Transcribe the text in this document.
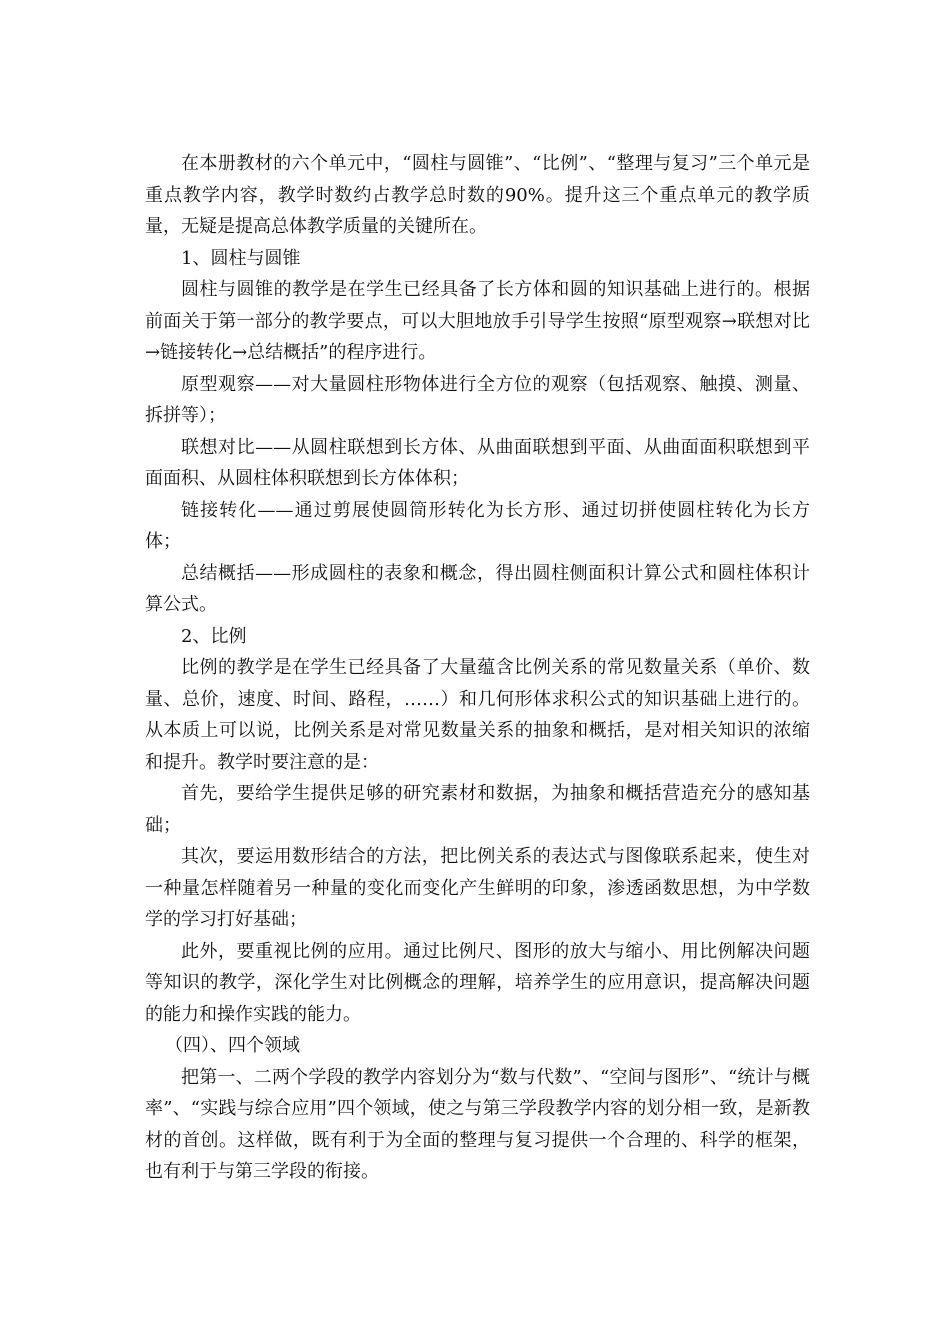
在本册教材的六个单元中，“圆柱与圆锥”、“比例”、“整理与复习”三个单元是重点教学内容，教学时数约占教学总时数的90%。提升这三个重点单元的教学质量，无疑是提高总体教学质量的关键所在。

1、圆柱与圆锥

圆柱与圆锥的教学是在学生已经具备了长方体和圆的知识基础上进行的。根据前面关于第一部分的教学要点，可以大胆地放手引导学生按照“原型观察→联想对比→链接转化→总结概括”的程序进行。

原型观察——对大量圆柱形物体进行全方位的观察（包括观察、触摸、测量、拆拼等）；

联想对比——从圆柱联想到长方体、从曲面联想到平面、从曲面面积联想到平面面积、从圆柱体积联想到长方体体积；

链接转化——通过剪展使圆筒形转化为长方形、通过切拼使圆柱转化为长方体；

总结概括——形成圆柱的表象和概念，得出圆柱侧面积计算公式和圆柱体积计算公式。

2、比例

比例的教学是在学生已经具备了大量蕴含比例关系的常见数量关系（单价、数量、总价，速度、时间、路程，……）和几何形体求积公式的知识基础上进行的。从本质上可以说，比例关系是对常见数量关系的抽象和概括，是对相关知识的浓缩和提升。教学时要注意的是：

首先，要给学生提供足够的研究素材和数据，为抽象和概括营造充分的感知基础；

其次，要运用数形结合的方法，把比例关系的表达式与图像联系起来，使生对一种量怎样随着另一种量的变化而变化产生鲜明的印象，渗透函数思想，为中学数学的学习打好基础；

此外，要重视比例的应用。通过比例尺、图形的放大与缩小、用比例解决问题等知识的教学，深化学生对比例概念的理解，培养学生的应用意识，提高解决问题的能力和操作实践的能力。

（四）、四个领域

把第一、二两个学段的教学内容划分为“数与代数”、“空间与图形”、“统计与概率”、“实践与综合应用”四个领域，使之与第三学段教学内容的划分相一致，是新教材的首创。这样做，既有利于为全面的整理与复习提供一个合理的、科学的框架，也有利于与第三学段的衔接。
